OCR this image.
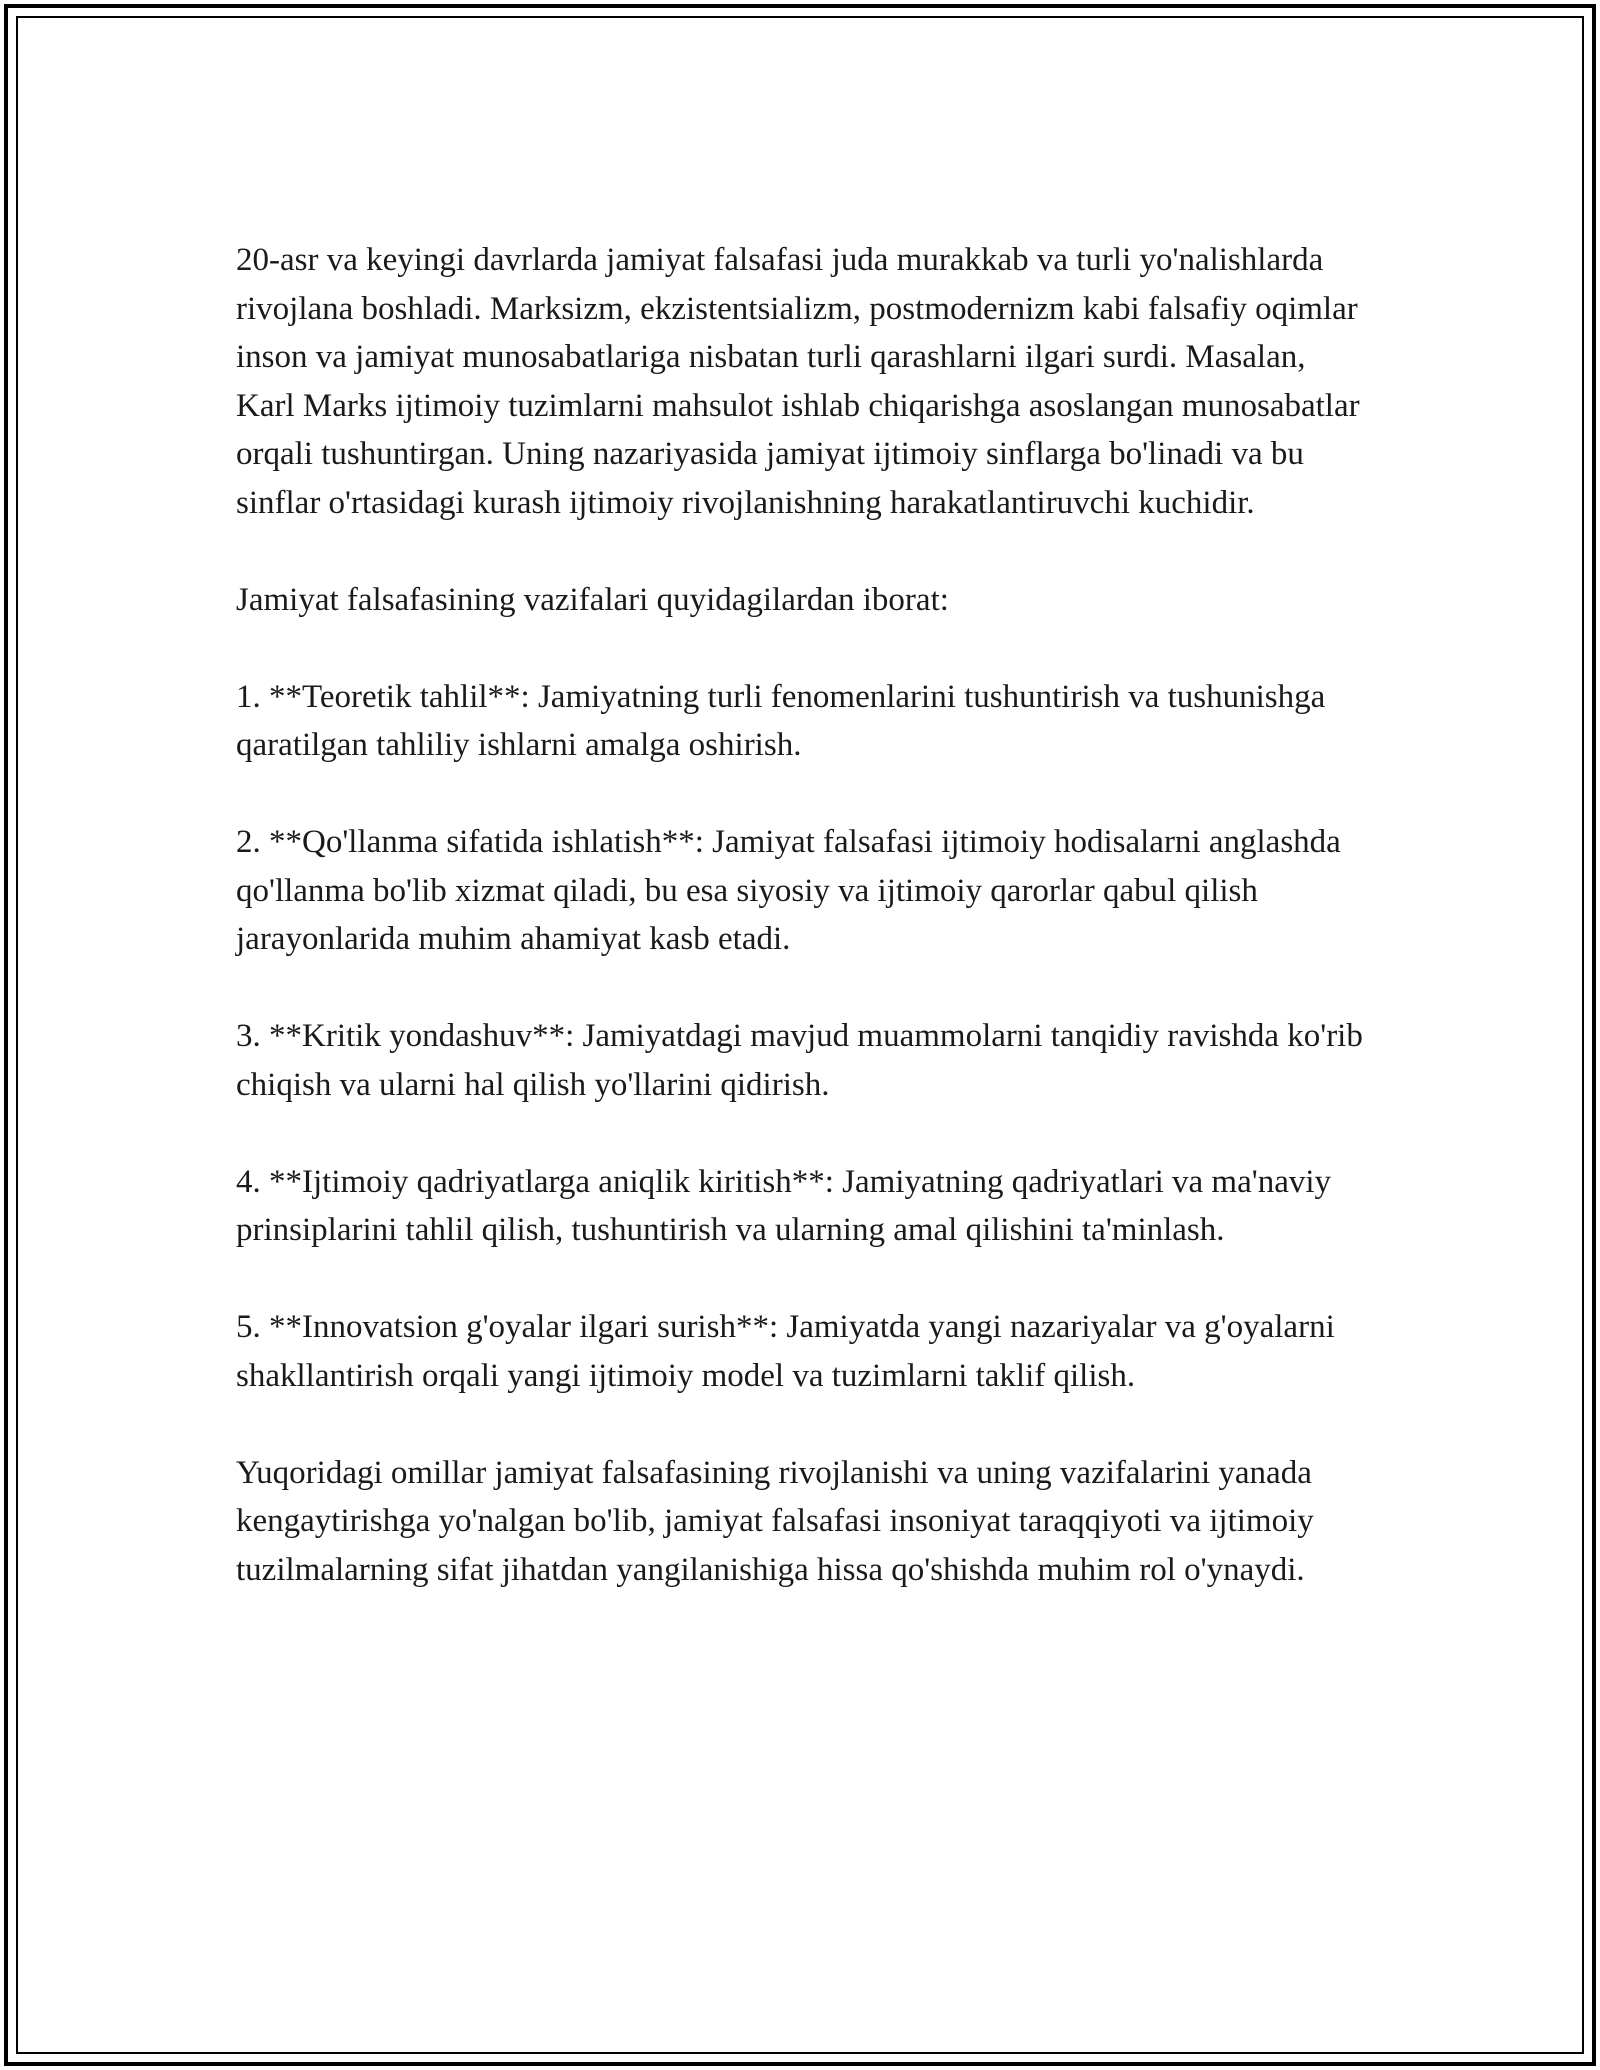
20-asr va keyingi davrlarda jamiyat falsafasi juda murakkab va turli yo'nalishlarda rivojlana boshladi. Marksizm, ekzistentsializm, postmodernizm kabi falsafiy oqimlar inson va jamiyat munosabatlariga nisbatan turli qarashlarni ilgari surdi. Masalan, Karl Marks ijtimoiy tuzimlarni mahsulot ishlab chiqarishga asoslangan munosabatlar orqali tushuntirgan. Uning nazariyasida jamiyat ijtimoiy sinflarga bo'linadi va bu sinflar o'rtasidagi kurash ijtimoiy rivojlanishning harakatlantiruvchi kuchidir.

Jamiyat falsafasining vazifalari quyidagilardan iborat:

1. **Teoretik tahlil**: Jamiyatning turli fenomenlarini tushuntirish va tushunishga qaratilgan tahliliy ishlarni amalga oshirish.

2. **Qo'llanma sifatida ishlatish**: Jamiyat falsafasi ijtimoiy hodisalarni anglashda qo'llanma bo'lib xizmat qiladi, bu esa siyosiy va ijtimoiy qarorlar qabul qilish jarayonlarida muhim ahamiyat kasb etadi.

3. **Kritik yondashuv**: Jamiyatdagi mavjud muammolarni tanqidiy ravishda ko'rib chiqish va ularni hal qilish yo'llarini qidirish.

4. **Ijtimoiy qadriyatlarga aniqlik kiritish**: Jamiyatning qadriyatlari va ma'naviy prinsiplarini tahlil qilish, tushuntirish va ularning amal qilishini ta'minlash.

5. **Innovatsion g'oyalar ilgari surish**: Jamiyatda yangi nazariyalar va g'oyalarni shakllantirish orqali yangi ijtimoiy model va tuzimlarni taklif qilish.

Yuqoridagi omillar jamiyat falsafasining rivojlanishi va uning vazifalarini yanada kengaytirishga yo'nalgan bo'lib, jamiyat falsafasi insoniyat taraqqiyoti va ijtimoiy tuzilmalarning sifat jihatdan yangilanishiga hissa qo'shishda muhim rol o'ynaydi.
